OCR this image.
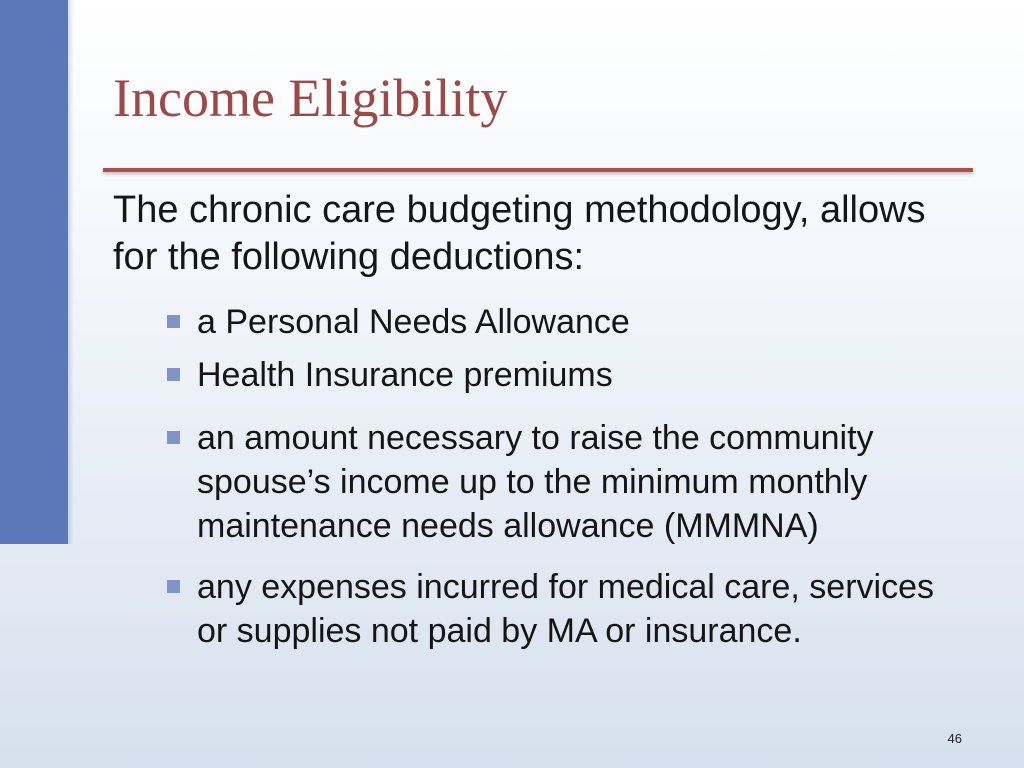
Income Eligibility

The chronic care budgeting methodology, allows for the following deductions:

a Personal Needs Allowance
Health Insurance premiums
an amount necessary to raise the community spouse’s income up to the minimum monthly maintenance needs allowance (MMMNA)
any expenses incurred for medical care, services or supplies not paid by MA or insurance.
46
